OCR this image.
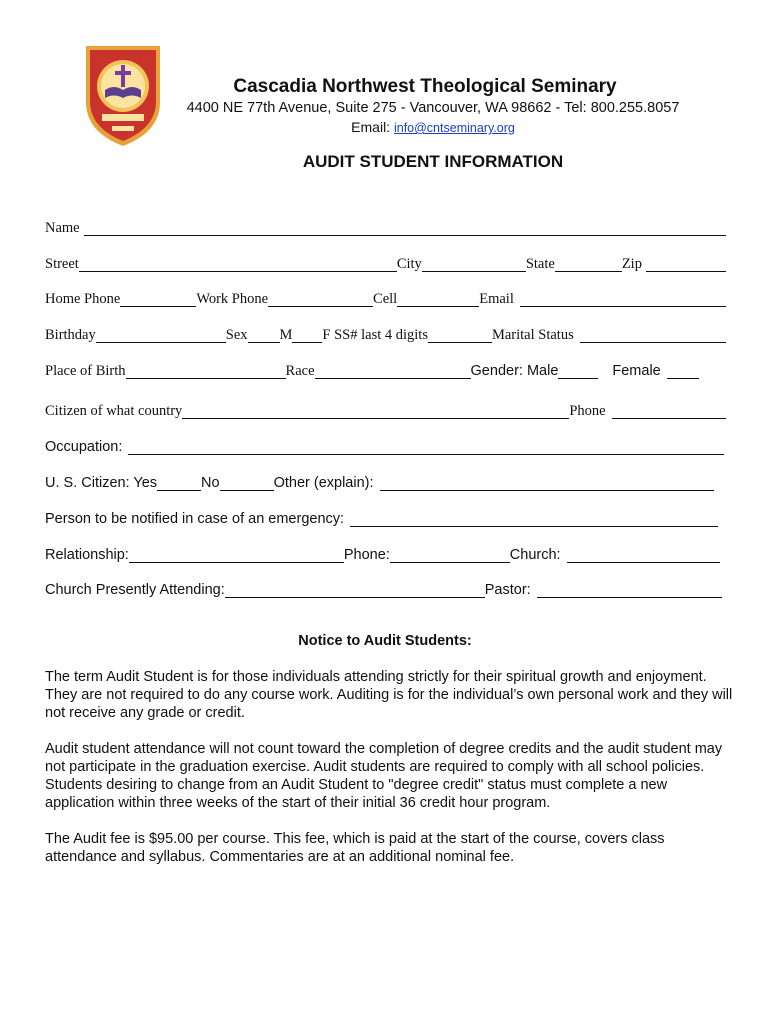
Cascadia Northwest Theological Seminary
4400 NE 77th Avenue, Suite 275 - Vancouver, WA 98662 - Tel: 800.255.8057
Email: info@cntseminary.org
AUDIT STUDENT INFORMATION
Name
Street	City	State	Zip
Home Phone	Work Phone	Cell	Email
Birthday	Sex M F SS# last 4 digits	Marital Status
Place of Birth	Race	Gender: Male	Female
Citizen of what country	Phone
Occupation:
U. S. Citizen: Yes	No	Other (explain):
Person to be notified in case of an emergency:
Relationship:	Phone:	Church:
Church Presently Attending:	Pastor:
Notice to Audit Students:
The term Audit Student is for those individuals attending strictly for their spiritual growth and enjoyment. They are not required to do any course work. Auditing is for the individual’s own personal work and they will not receive any grade or credit.
Audit student attendance will not count toward the completion of degree credits and the audit student may not participate in the graduation exercise. Audit students are required to comply with all school policies. Students desiring to change from an Audit Student to "degree credit" status must complete a new application within three weeks of the start of their initial 36 credit hour program.
The Audit fee is $95.00 per course. This fee, which is paid at the start of the course, covers class attendance and syllabus. Commentaries are at an additional nominal fee.
